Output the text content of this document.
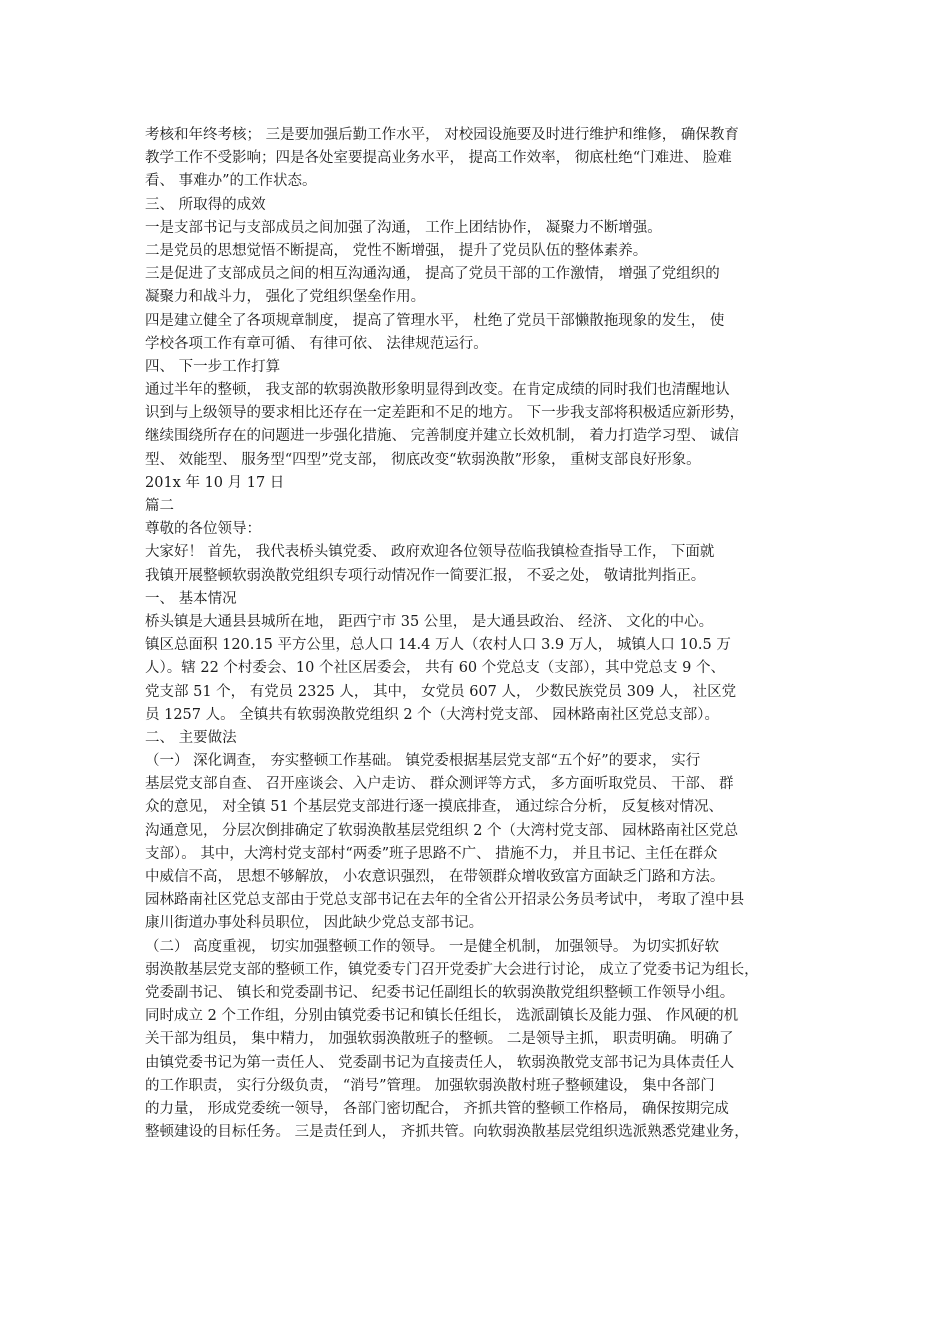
考核和年终考核； 三是要加强后勤工作水平， 对校园设施要及时进行维护和维修， 确保教育
教学工作不受影响；四是各处室要提高业务水平， 提高工作效率， 彻底杜绝“门难进、 脸难
看、 事难办”的工作状态。
三、 所取得的成效
一是支部书记与支部成员之间加强了沟通， 工作上团结协作， 凝聚力不断增强。
二是党员的思想觉悟不断提高， 党性不断增强， 提升了党员队伍的整体素养。
三是促进了支部成员之间的相互沟通沟通， 提高了党员干部的工作激情， 增强了党组织的
凝聚力和战斗力， 强化了党组织堡垒作用。
四是建立健全了各项规章制度， 提高了管理水平， 杜绝了党员干部懒散拖现象的发生， 使
学校各项工作有章可循、 有律可依、 法律规范运行。
四、 下一步工作打算
通过半年的整顿， 我支部的软弱涣散形象明显得到改变。在肯定成绩的同时我们也清醒地认
识到与上级领导的要求相比还存在一定差距和不足的地方。 下一步我支部将积极适应新形势，
继续围绕所存在的问题进一步强化措施、 完善制度并建立长效机制， 着力打造学习型、 诚信
型、 效能型、 服务型“四型”党支部， 彻底改变“软弱涣散”形象， 重树支部良好形象。
201x 年 10 月 17 日
篇二
尊敬的各位领导：
大家好！ 首先， 我代表桥头镇党委、 政府欢迎各位领导莅临我镇检查指导工作， 下面就
我镇开展整顿软弱涣散党组织专项行动情况作一简要汇报， 不妥之处， 敬请批判指正。
一、 基本情况
桥头镇是大通县县城所在地， 距西宁市 35 公里， 是大通县政治、 经济、 文化的中心。
镇区总面积 120.15 平方公里，总人口 14.4 万人（农村人口 3.9 万人， 城镇人口 10.5 万
人）。辖 22 个村委会、10 个社区居委会， 共有 60 个党总支（支部），其中党总支 9 个、
党支部 51 个， 有党员 2325 人， 其中， 女党员 607 人， 少数民族党员 309 人， 社区党
员 1257 人。 全镇共有软弱涣散党组织 2 个（大湾村党支部、 园林路南社区党总支部）。
二、 主要做法
（一） 深化调查， 夯实整顿工作基础。 镇党委根据基层党支部“五个好”的要求， 实行
基层党支部自查、 召开座谈会、入户走访、 群众测评等方式， 多方面听取党员、 干部、 群
众的意见， 对全镇 51 个基层党支部进行逐一摸底排查， 通过综合分析， 反复核对情况、
沟通意见， 分层次倒排确定了软弱涣散基层党组织 2 个（大湾村党支部、 园林路南社区党总
支部）。 其中，大湾村党支部村“两委”班子思路不广、 措施不力， 并且书记、主任在群众
中威信不高， 思想不够解放， 小农意识强烈， 在带领群众增收致富方面缺乏门路和方法。
园林路南社区党总支部由于党总支部书记在去年的全省公开招录公务员考试中， 考取了湟中县
康川街道办事处科员职位， 因此缺少党总支部书记。
（二） 高度重视， 切实加强整顿工作的领导。 一是健全机制， 加强领导。 为切实抓好软
弱涣散基层党支部的整顿工作，镇党委专门召开党委扩大会进行讨论， 成立了党委书记为组长，
党委副书记、 镇长和党委副书记、 纪委书记任副组长的软弱涣散党组织整顿工作领导小组。
同时成立 2 个工作组，分别由镇党委书记和镇长任组长， 选派副镇长及能力强、 作风硬的机
关干部为组员， 集中精力， 加强软弱涣散班子的整顿。 二是领导主抓， 职责明确。 明确了
由镇党委书记为第一责任人、 党委副书记为直接责任人， 软弱涣散党支部书记为具体责任人
的工作职责， 实行分级负责， “消号”管理。 加强软弱涣散村班子整顿建设， 集中各部门
的力量， 形成党委统一领导， 各部门密切配合， 齐抓共管的整顿工作格局， 确保按期完成
整顿建设的目标任务。 三是责任到人， 齐抓共管。向软弱涣散基层党组织选派熟悉党建业务，
